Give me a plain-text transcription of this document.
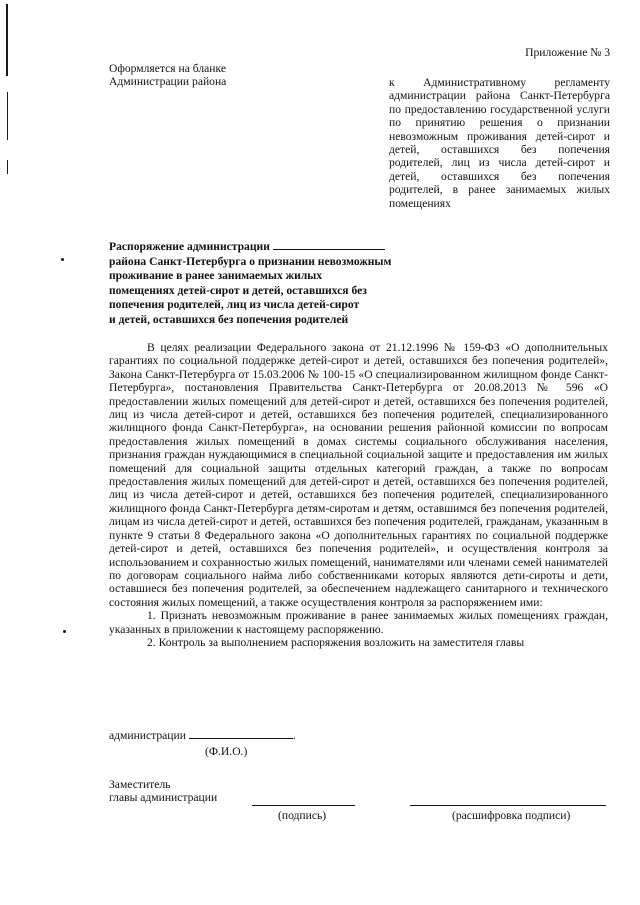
Приложение № 3
Оформляется на бланке
Администрации района	к Административному регламенту администрации района Санкт-Петербурга по предоставлению государственной услуги по принятию решения о признании невозможным проживания детей-сирот и детей, оставшихся без попечения родителей, лиц из числа детей-сирот и детей, оставшихся без попечения родителей, в ранее занимаемых жилых помещениях
Распоряжение администрации
района Санкт-Петербурга о признании невозможным
проживание в ранее занимаемых жилых
помещениях детей-сирот и детей, оставшихся без
попечения родителей, лиц из числа детей-сирот
и детей, оставшихся без попечения родителей

В целях реализации Федерального закона от 21.12.1996 № 159-ФЗ «О дополнительных гарантиях по социальной поддержке детей-сирот и детей, оставшихся без попечения родителей», Закона Санкт-Петербурга от 15.03.2006 № 100-15 «О специализированном жилищном фонде Санкт-Петербурга», постановления Правительства Санкт-Петербурга от 20.08.2013 № 596 «О предоставлении жилых помещений для детей-сирот и детей, оставшихся без попечения родителей, лиц из числа детей-сирот и детей, оставшихся без попечения родителей, специализированного жилищного фонда Санкт-Петербурга», на основании решения районной комиссии по вопросам предоставления жилых помещений в домах системы социального обслуживания населения, признания граждан нуждающимися в специальной социальной защите и предоставления им жилых помещений для социальной защиты отдельных категорий граждан, а также по вопросам предоставления жилых помещений для детей-сирот и детей, оставшихся без попечения родителей, лиц из числа детей-сирот и детей, оставшихся без попечения родителей, специализированного жилищного фонда Санкт-Петербурга детям-сиротам и детям, оставшимся без попечения родителей, лицам из числа детей-сирот и детей, оставшихся без попечения родителей, гражданам, указанным в пункте 9 статьи 8 Федерального закона «О дополнительных гарантиях по социальной поддержке детей-сирот и детей, оставшихся без попечения родителей», и осуществления контроля за использованием и сохранностью жилых помещений, нанимателями или членами семей нанимателей по договорам социального найма либо собственниками которых являются дети-сироты и дети, оставшиеся без попечения родителей, за обеспечением надлежащего санитарного и технического состояния жилых помещений, а также осуществления контроля за распоряжением ими:

1. Признать невозможным проживание в ранее занимаемых жилых помещениях граждан, указанных в приложении к настоящему распоряжению.

2. Контроль за выполнением распоряжения возложить на заместителя главы

администрации	.
(Ф.И.О.)
Заместитель
главы администрации
(подпись)	(расшифровка подписи)
